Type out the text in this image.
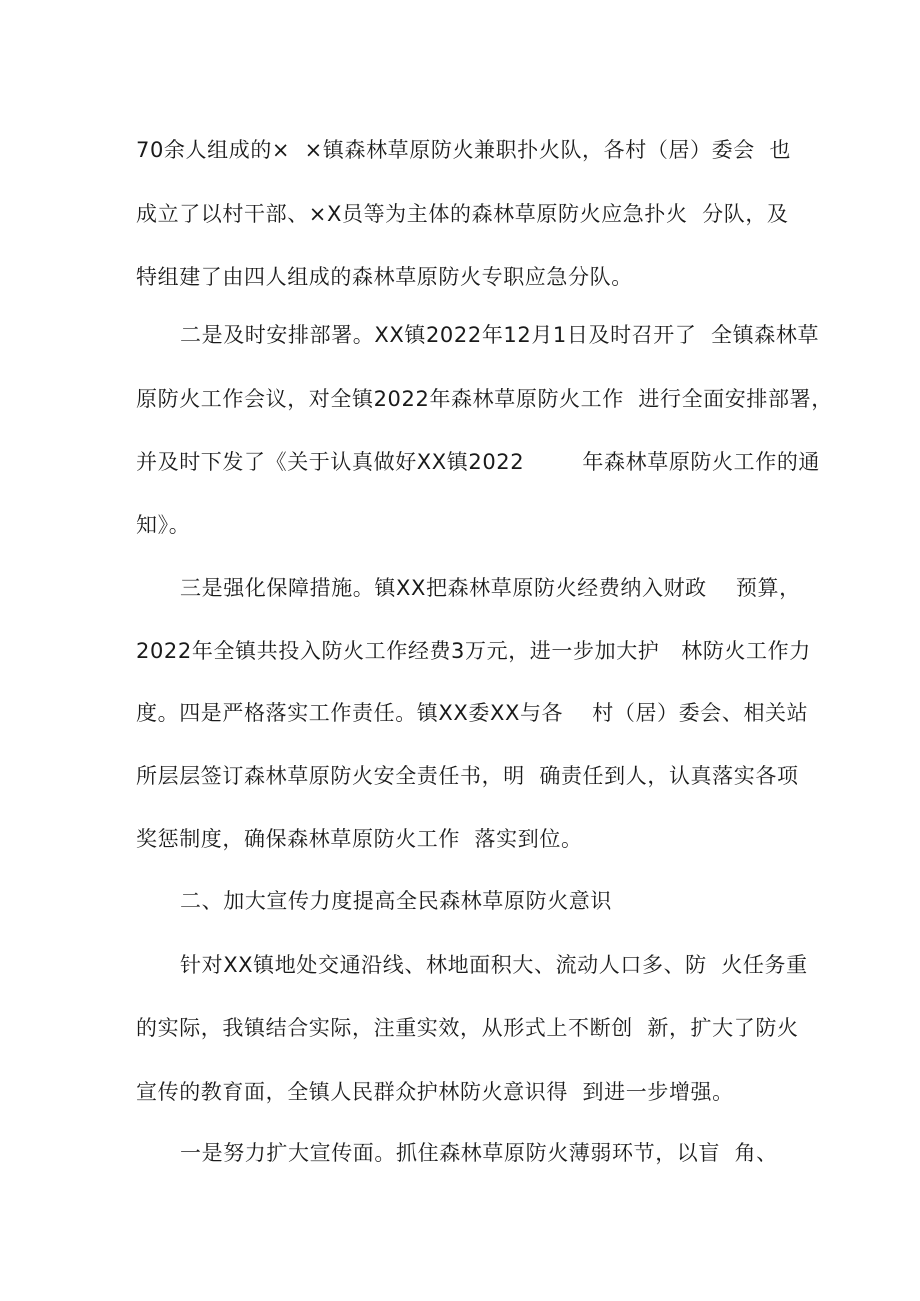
70余人组成的×  ×镇森林草原防火兼职扑火队，各村（居）委会  也
成立了以村干部、×X员等为主体的森林草原防火应急扑火  分队，及
特组建了由四人组成的森林草原防火专职应急分队。
二是及时安排部署。XX镇2022年12月1日及时召开了  全镇森林草
原防火工作会议，对全镇2022年森林草原防火工作  进行全面安排部署，
并及时下发了《关于认真做好XX镇2022        年森林草原防火工作的通
知》。
三是强化保障措施。镇XX把森林草原防火经费纳入财政    预算，
2022年全镇共投入防火工作经费3万元，进一步加大护   林防火工作力
度。四是严格落实工作责任。镇XX委XX与各    村（居）委会、相关站
所层层签订森林草原防火安全责任书，明  确责任到人，认真落实各项
奖惩制度，确保森林草原防火工作  落实到位。
二、加大宣传力度提高全民森林草原防火意识
针对XX镇地处交通沿线、林地面积大、流动人口多、防  火任务重
的实际，我镇结合实际，注重实效，从形式上不断创  新，扩大了防火
宣传的教育面，全镇人民群众护林防火意识得  到进一步增强。
一是努力扩大宣传面。抓住森林草原防火薄弱环节，以盲  角、
